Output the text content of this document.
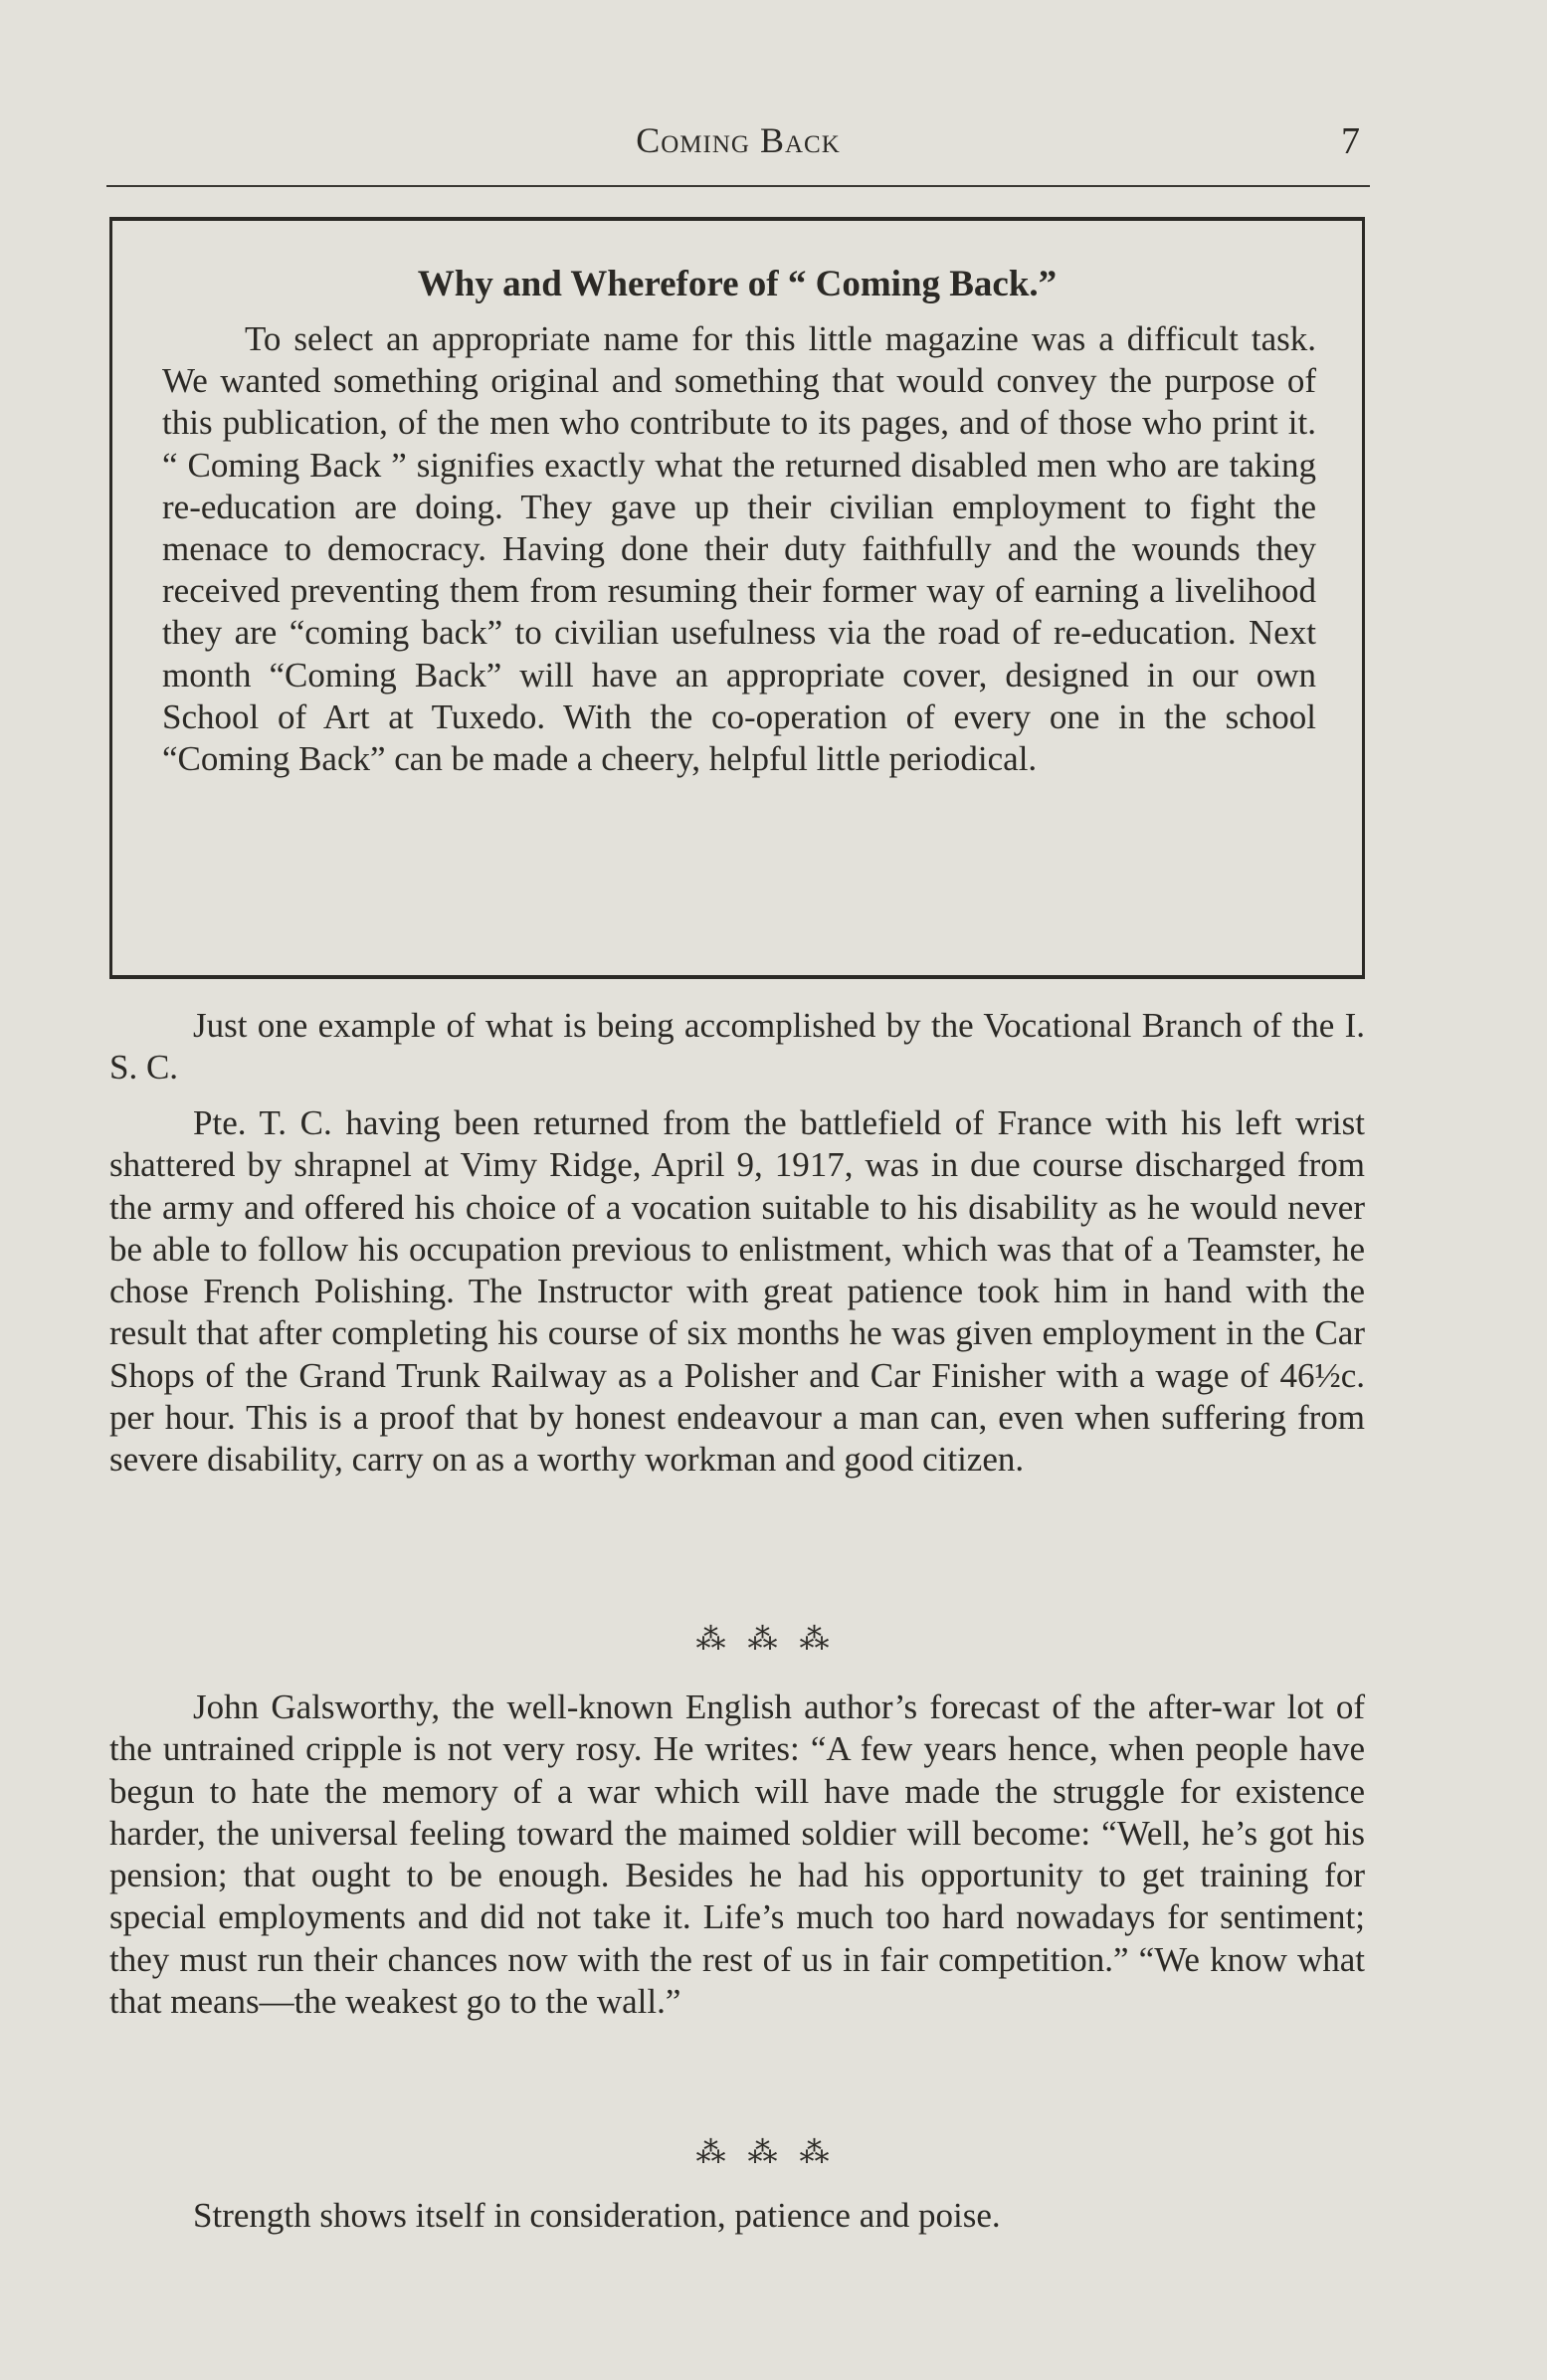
Coming Back	7
Why and Wherefore of “ Coming Back.”

To select an appropriate name for this little magazine was a difficult task. We wanted something original and something that would convey the purpose of this publication, of the men who contribute to its pages, and of those who print it. “ Coming Back ” signifies exactly what the returned disabled men who are taking re-education are doing. They gave up their civilian employment to fight the menace to democracy. Having done their duty faithfully and the wounds they received preventing them from resuming their former way of earning a livelihood they are “coming back” to civilian usefulness via the road of re-education. Next month “Coming Back” will have an appropriate cover, designed in our own School of Art at Tuxedo. With the co-operation of every one in the school “Coming Back” can be made a cheery, helpful little periodical.

Just one example of what is being accomplished by the Vocational Branch of the I. S. C.

Pte. T. C. having been returned from the battlefield of France with his left wrist shattered by shrapnel at Vimy Ridge, April 9, 1917, was in due course discharged from the army and offered his choice of a vocation suitable to his disability as he would never be able to follow his occupation previous to enlistment, which was that of a Teamster, he chose French Polishing. The Instructor with great patience took him in hand with the result that after completing his course of six months he was given employment in the Car Shops of the Grand Trunk Railway as a Polisher and Car Finisher with a wage of 46½c. per hour. This is a proof that by honest endeavour a man can, even when suffering from severe disability, carry on as a worthy workman and good citizen.

⁂⁂⁂

John Galsworthy, the well-known English author’s forecast of the after-war lot of the untrained cripple is not very rosy. He writes: “A few years hence, when people have begun to hate the memory of a war which will have made the struggle for existence harder, the universal feeling toward the maimed soldier will become: “Well, he’s got his pension; that ought to be enough. Besides he had his opportunity to get training for special employments and did not take it. Life’s much too hard nowadays for sentiment; they must run their chances now with the rest of us in fair competition.” “We know what that means—the weakest go to the wall.”

⁂⁂⁂

Strength shows itself in consideration, patience and poise.
